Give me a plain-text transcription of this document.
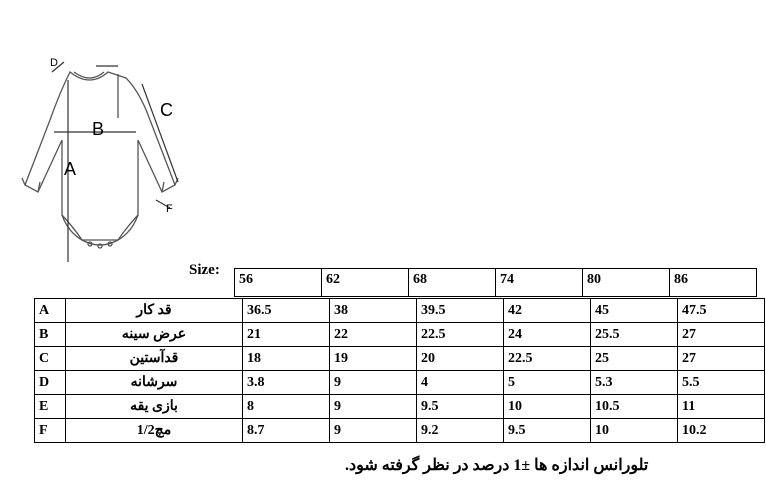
A
B
C
D
F
Size:
56	62	68	74	80	86
A	قد کار	36.5	38	39.5	42	45	47.5
B	عرض سینه	21	22	22.5	24	25.5	27
C	قدآستین	18	19	20	22.5	25	27
D	سرشانه	3.8	9	4	5	5.3	5.5
E	بازی یقه	8	9	9.5	10	10.5	11
F	مچ1/2	8.7	9	9.2	9.5	10	10.2
تلورانس اندازه ها ±1 درصد در نظر گرفته شود.
